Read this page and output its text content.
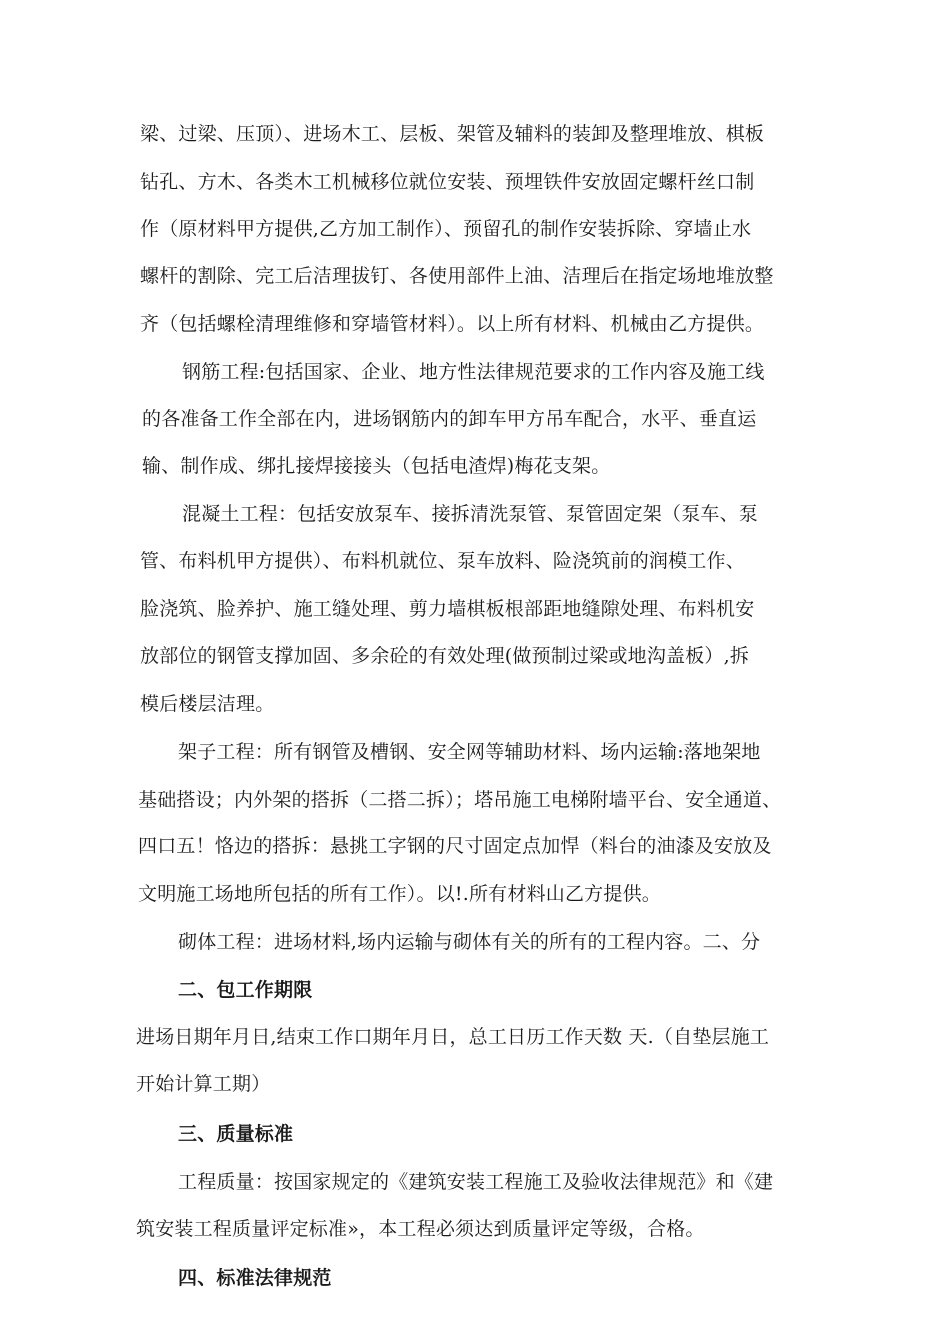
梁、过梁、压顶）、进场木工、层板、架管及辅料的装卸及整理堆放、棋板
钻孔、方木、各类木工机械移位就位安装、预埋铁件安放固定螺杆丝口制
作（原材料甲方提供,乙方加工制作）、预留孔的制作安装拆除、穿墙止水
螺杆的割除、完工后洁理拔钉、各使用部件上油、洁理后在指定场地堆放整
齐（包括螺栓清理维修和穿墙管材料）。以上所有材料、机械由乙方提供。
钢筋工程:包括国家、企业、地方性法律规范要求的工作内容及施工线
的各准备工作全部在内，进场钢筋内的卸车甲方吊车配合，水平、垂直运
输、制作成、绑扎接焊接接头（包括电渣焊)梅花支架。
混凝土工程：包括安放泵车、接拆清洗泵管、泵管固定架（泵车、泵
管、布料机甲方提供）、布料机就位、泵车放料、险浇筑前的润模工作、
脸浇筑、脸养护、施工缝处理、剪力墙棋板根部距地缝隙处理、布料机安
放部位的钢管支撑加固、多余砼的有效处理(做预制过梁或地沟盖板）,拆
模后楼层洁理。
架子工程：所有钢管及槽钢、安全网等辅助材料、场内运输:落地架地
基础搭设；内外架的搭拆（二搭二拆）；塔吊施工电梯附墙平台、安全通道、
四口五！恪边的搭拆：悬挑工字钢的尺寸固定点加悍（料台的油漆及安放及
文明施工场地所包括的所有工作）。以!.所有材料山乙方提供。
砌体工程：进场材料,场内运输与砌体有关的所有的工程内容。二、分
二、包工作期限
进场日期年月日,结束工作口期年月日，总工日历工作天数 天.（自垫层施工
开始计算工期）
三、质量标准
工程质量：按国家规定的《建筑安装工程施工及验收法律规范》和《建
筑安装工程质量评定标准»，本工程必须达到质量评定等级，合格。
四、标准法律规范
